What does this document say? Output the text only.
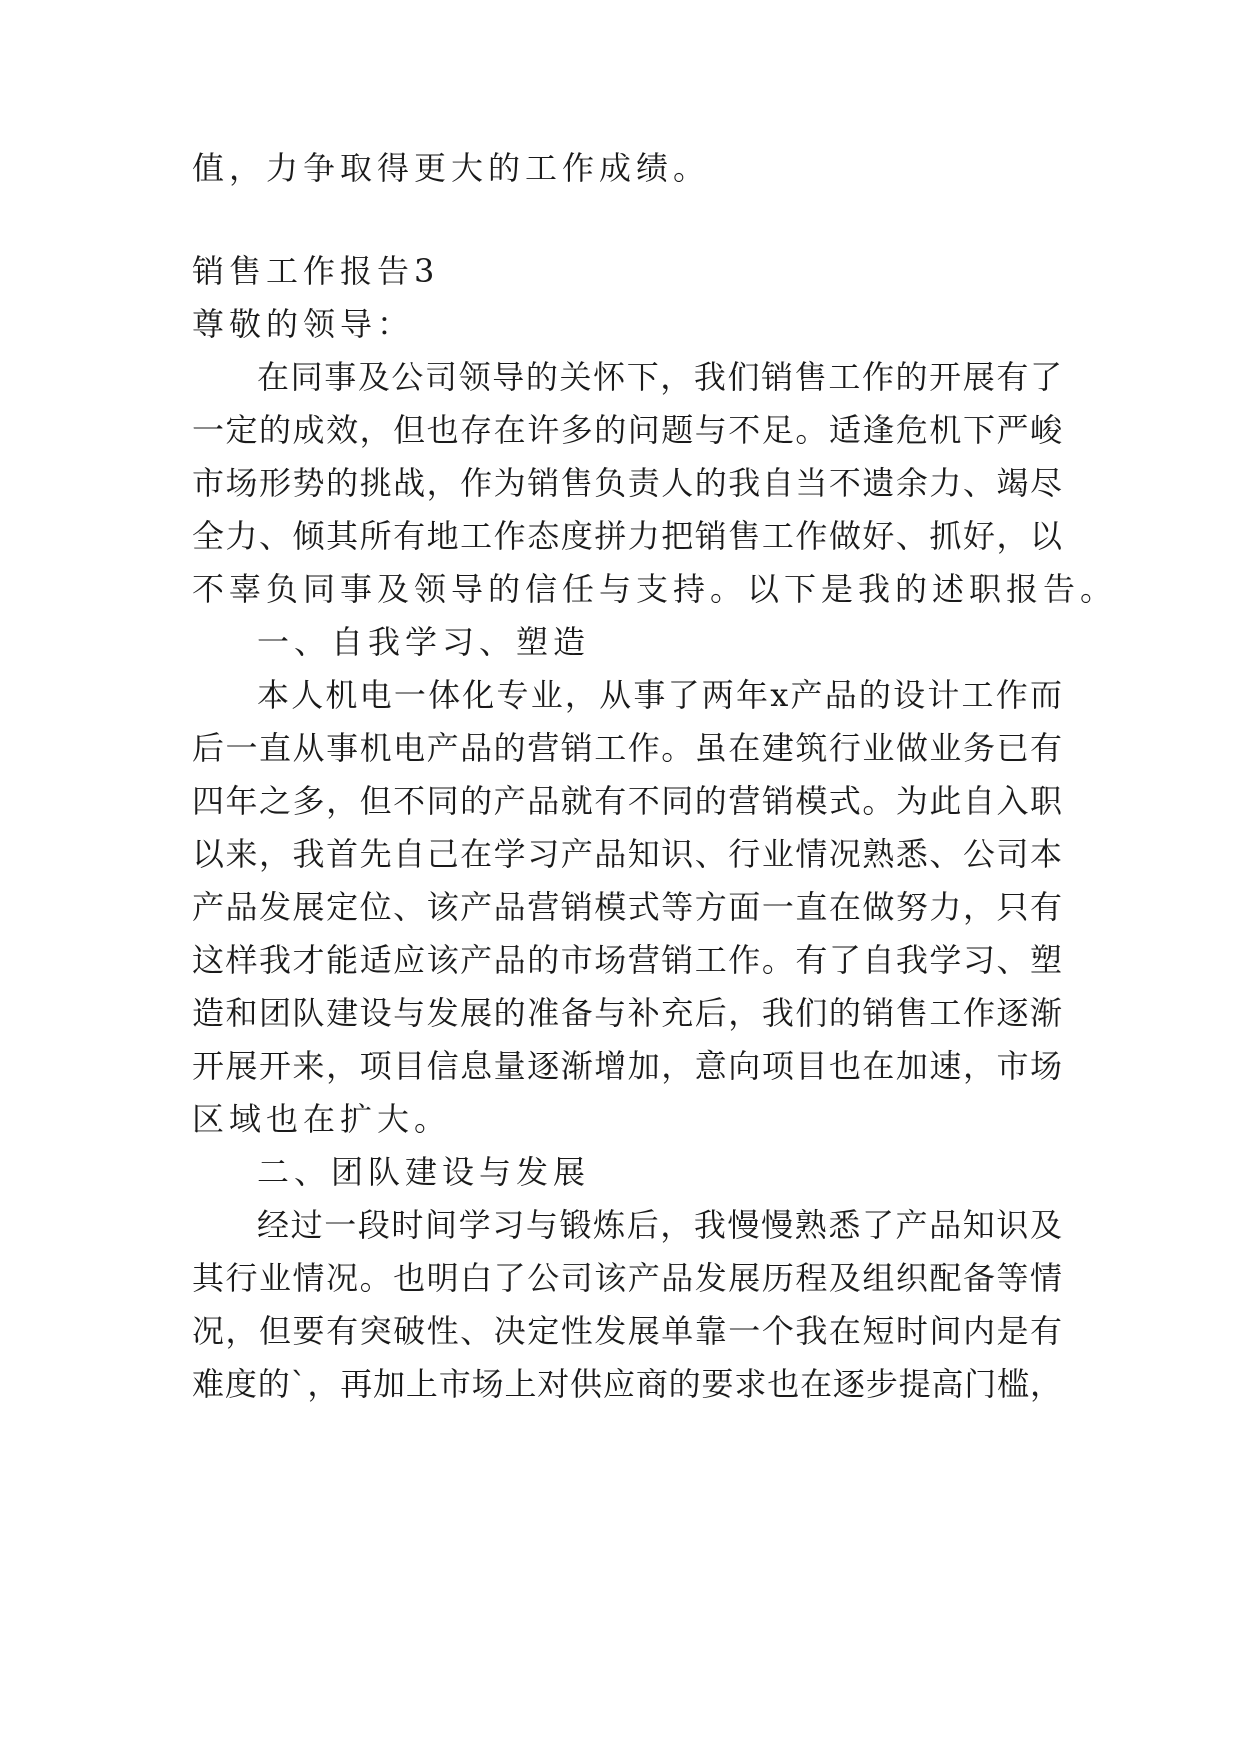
值，力争取得更大的工作成绩。
销售工作报告3
尊敬的领导：
在同事及公司领导的关怀下，我们销售工作的开展有了
一定的成效，但也存在许多的问题与不足。适逢危机下严峻
市场形势的挑战，作为销售负责人的我自当不遗余力、竭尽
全力、倾其所有地工作态度拼力把销售工作做好、抓好，以
不辜负同事及领导的信任与支持。以下是我的述职报告。
一、自我学习、塑造
本人机电一体化专业，从事了两年x产品的设计工作而
后一直从事机电产品的营销工作。虽在建筑行业做业务已有
四年之多，但不同的产品就有不同的营销模式。为此自入职
以来，我首先自己在学习产品知识、行业情况熟悉、公司本
产品发展定位、该产品营销模式等方面一直在做努力，只有
这样我才能适应该产品的市场营销工作。有了自我学习、塑
造和团队建设与发展的准备与补充后，我们的销售工作逐渐
开展开来，项目信息量逐渐增加，意向项目也在加速，市场
区域也在扩大。
二、团队建设与发展
经过一段时间学习与锻炼后，我慢慢熟悉了产品知识及
其行业情况。也明白了公司该产品发展历程及组织配备等情
况，但要有突破性、决定性发展单靠一个我在短时间内是有
难度的`，再加上市场上对供应商的要求也在逐步提高门槛，
